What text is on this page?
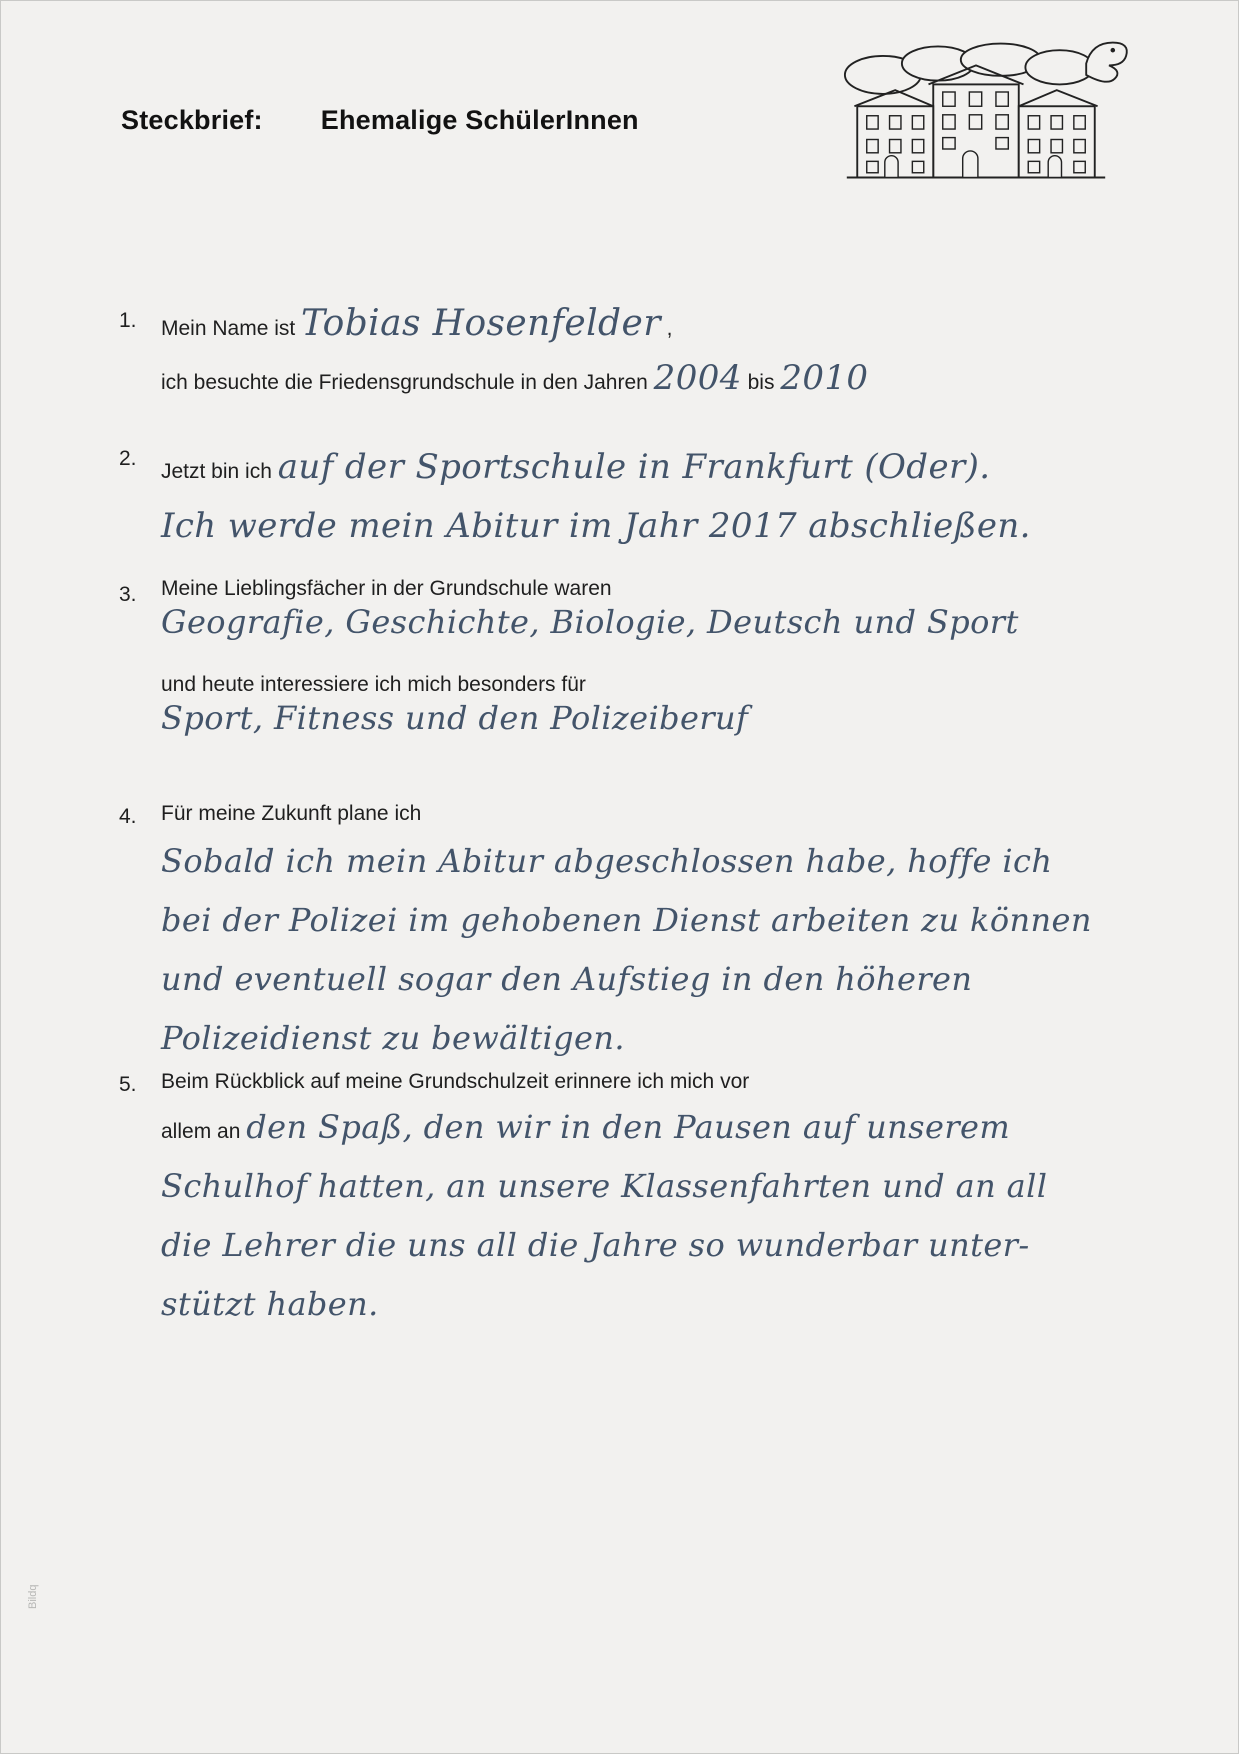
Steckbrief: Ehemalige SchülerInnen
1.	Mein Name ist Tobias Hosenfelder ,
ich besuchte die Friedensgrundschule in den Jahren 2004 bis 2010
2.
Jetzt bin ich auf der Sportschule in Frankfurt (Oder).
Ich werde mein Abitur im Jahr 2017 abschließen.
3.	Meine Lieblingsfächer in der Grundschule waren
Geografie, Geschichte, Biologie, Deutsch und Sport
und heute interessiere ich mich besonders für
Sport, Fitness und den Polizeiberuf
4.	Für meine Zukunft plane ich
Sobald ich mein Abitur abgeschlossen habe, hoffe ich
bei der Polizei im gehobenen Dienst arbeiten zu können
und eventuell sogar den Aufstieg in den höheren
Polizeidienst zu bewältigen.
5.	Beim Rückblick auf meine Grundschulzeit erinnere ich mich vor
allem an den Spaß, den wir in den Pausen auf unserem
Schulhof hatten, an unsere Klassenfahrten und an all
die Lehrer die uns all die Jahre so wunderbar unter-
stützt haben.
Bildq
